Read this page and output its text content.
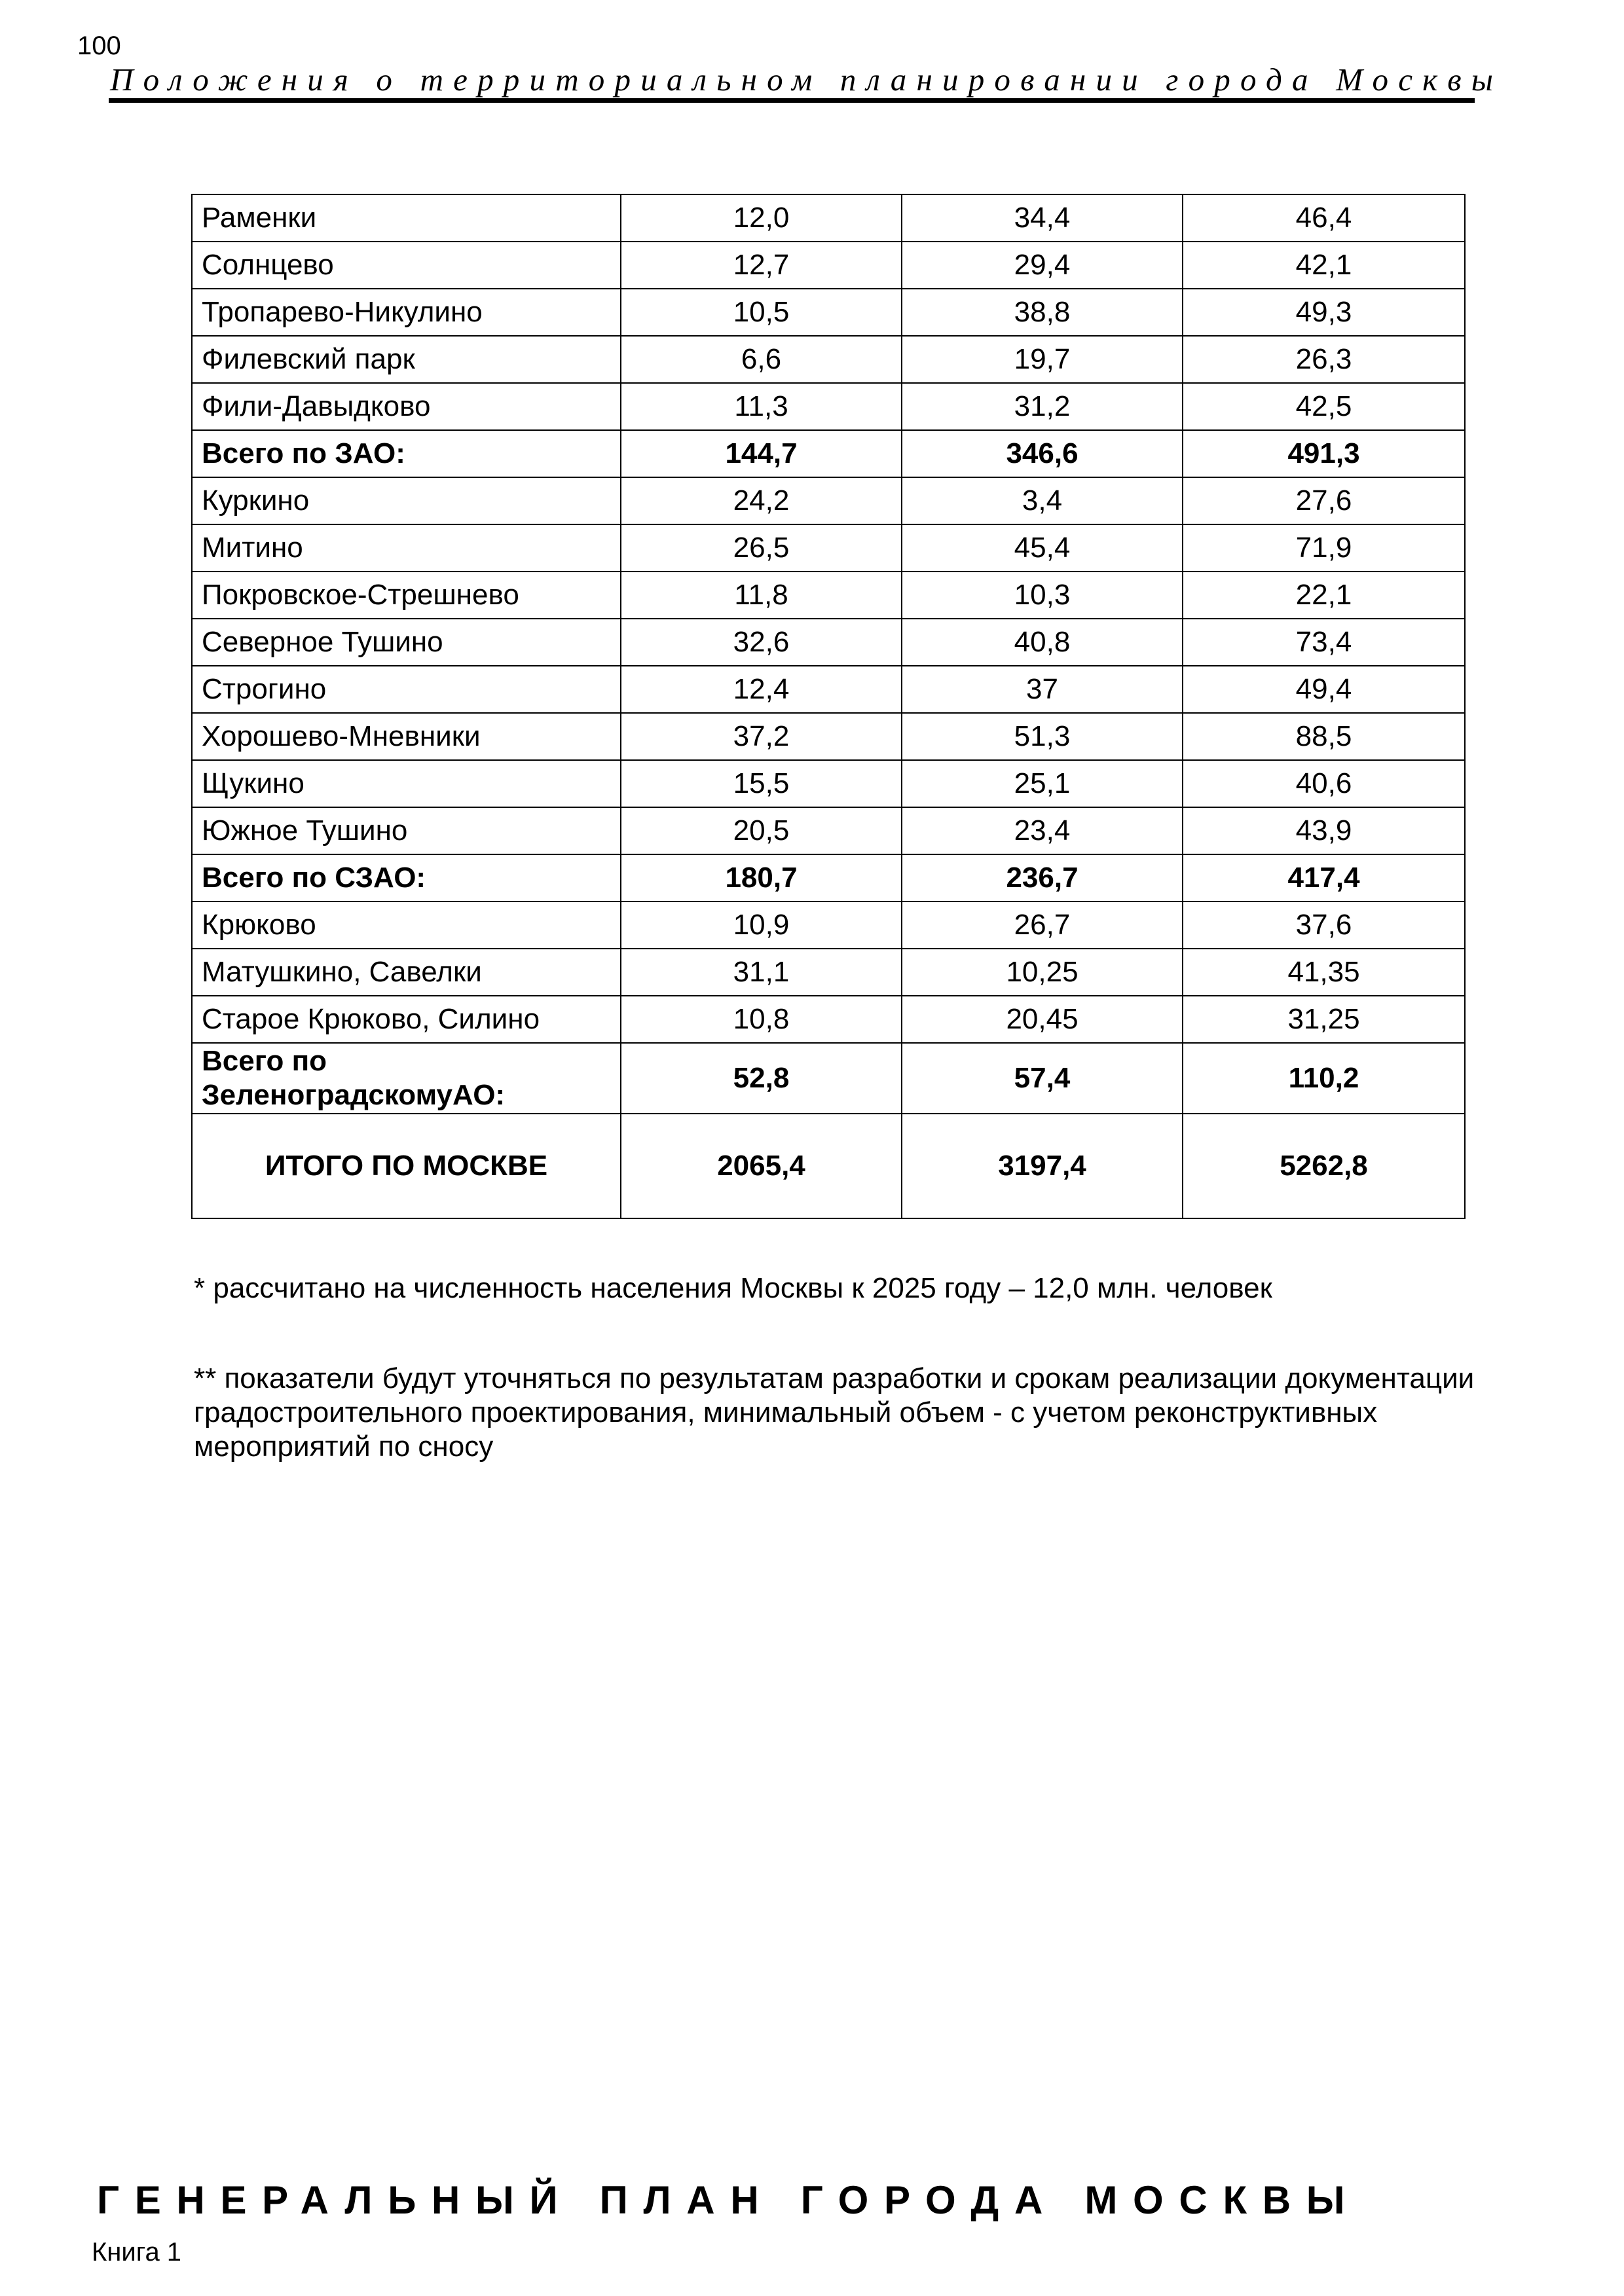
100
Положения о территориальном планировании города Москвы
Раменки	12,0	34,4	46,4
Солнцево	12,7	29,4	42,1
Тропарево-Никулино	10,5	38,8	49,3
Филевский парк	6,6	19,7	26,3
Фили-Давыдково	11,3	31,2	42,5
Всего по ЗАО:	144,7	346,6	491,3
Куркино	24,2	3,4	27,6
Митино	26,5	45,4	71,9
Покровское-Стрешнево	11,8	10,3	22,1
Северное Тушино	32,6	40,8	73,4
Строгино	12,4	37	49,4
Хорошево-Мневники	37,2	51,3	88,5
Щукино	15,5	25,1	40,6
Южное Тушино	20,5	23,4	43,9
Всего по СЗАО:	180,7	236,7	417,4
Крюково	10,9	26,7	37,6
Матушкино, Савелки	31,1	10,25	41,35
Старое Крюково, Силино	10,8	20,45	31,25
Всего по
ЗеленоградскомуАО:	52,8	57,4	110,2
ИТОГО ПО МОСКВЕ	2065,4	3197,4	5262,8
* рассчитано на численность населения Москвы к 2025 году – 12,0 млн. человек
** показатели будут уточняться по результатам разработки и срокам реализации документации градостроительного проектирования, минимальный объем - с учетом реконструктивных мероприятий по сносу
ГЕНЕРАЛЬНЫЙ ПЛАН ГОРОДА МОСКВЫ
Книга 1
